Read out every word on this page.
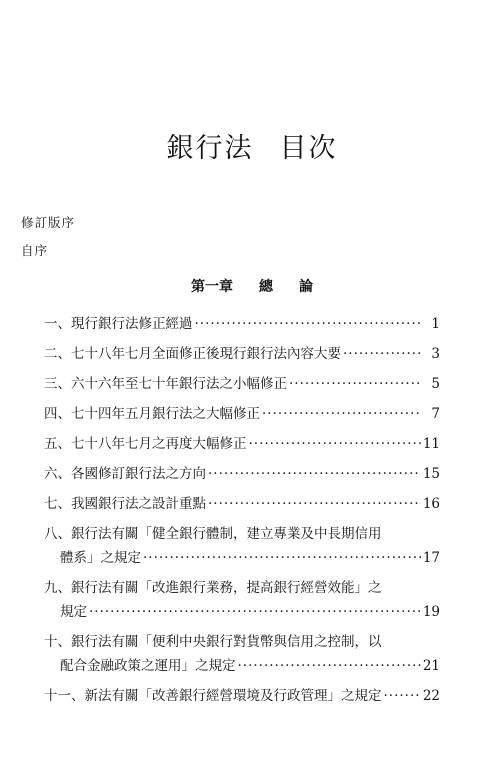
銀行法 目次
修訂版序
自序
第一章 總 論
一、 現行銀行法修正經過 ·····	1
二、 七十八年七月全面修正後現行銀行法內容大要 ·····	3
三、 六十六年至七十年銀行法之小幅修正 ·····	5
四、 七十四年五月銀行法之大幅修正 ·····	7
五、 七十八年七月之再度大幅修正 ·····	11
六、 各國修訂銀行法之方向 ·····	15
七、 我國銀行法之設計重點 ·····	16
八、 銀行法有關「健全銀行體制，建立專業及中長期信用
體系」之規定 ·····	17
九、 銀行法有關「改進銀行業務，提高銀行經營效能」之
規定 ·····	19
十、 銀行法有關「便利中央銀行對貨幣與信用之控制，以
配合金融政策之運用」之規定 ·····	21
十一、 新法有關「改善銀行經營環境及行政管理」之規定 ·····	22
